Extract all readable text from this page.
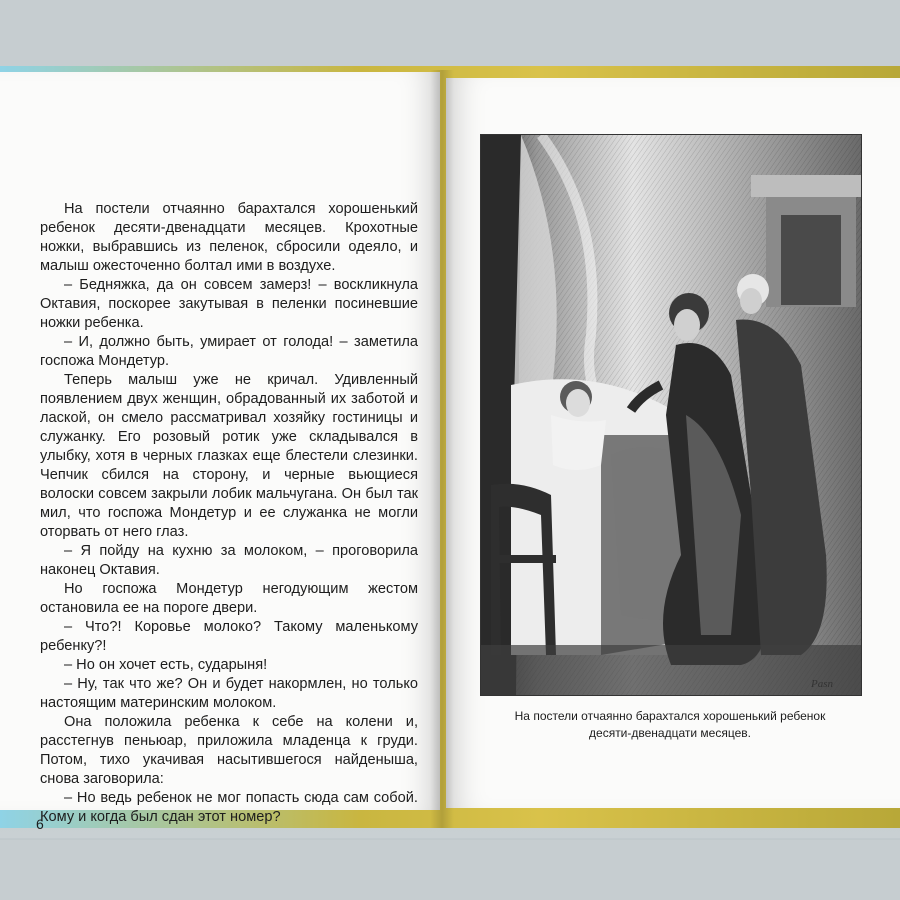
На постели отчаянно барахтался хорошенький ребенок десяти-двенадцати месяцев. Крохотные ножки, выбравшись из пеленок, сбросили одеяло, и малыш ожесточенно болтал ими в воздухе.

– Бедняжка, да он совсем замерз! – воскликнула Октавия, поскорее закутывая в пеленки посиневшие ножки ребенка.

– И, должно быть, умирает от голода! – заметила госпожа Мондетур.

Теперь малыш уже не кричал. Удивленный появлением двух женщин, обрадованный их заботой и лаской, он смело рассматривал хозяйку гостиницы и служанку. Его розовый ротик уже складывался в улыбку, хотя в черных глазках еще блестели слезинки. Чепчик сбился на сторону, и черные вьющиеся волоски совсем закрыли лобик мальчугана. Он был так мил, что госпожа Мондетур и ее служанка не могли оторвать от него глаз.

– Я пойду на кухню за молоком, – проговорила наконец Октавия.

Но госпожа Мондетур негодующим жестом остановила ее на пороге двери.

– Что?! Коровье молоко? Такому маленькому ребенку?!

– Но он хочет есть, сударыня!

– Ну, так что же? Он и будет накормлен, но только настоящим материнским молоком.

Она положила ребенка к себе на колени и, расстегнув пеньюар, приложила младенца к груди. Потом, тихо укачивая насытившегося найденыша, снова заговорила:

– Но ведь ребенок не мог попасть сюда сам собой. Кому и когда был сдан этот номер?

6
Pasn
На постели отчаянно барахтался хорошенький ребенок
десяти-двенадцати месяцев.
